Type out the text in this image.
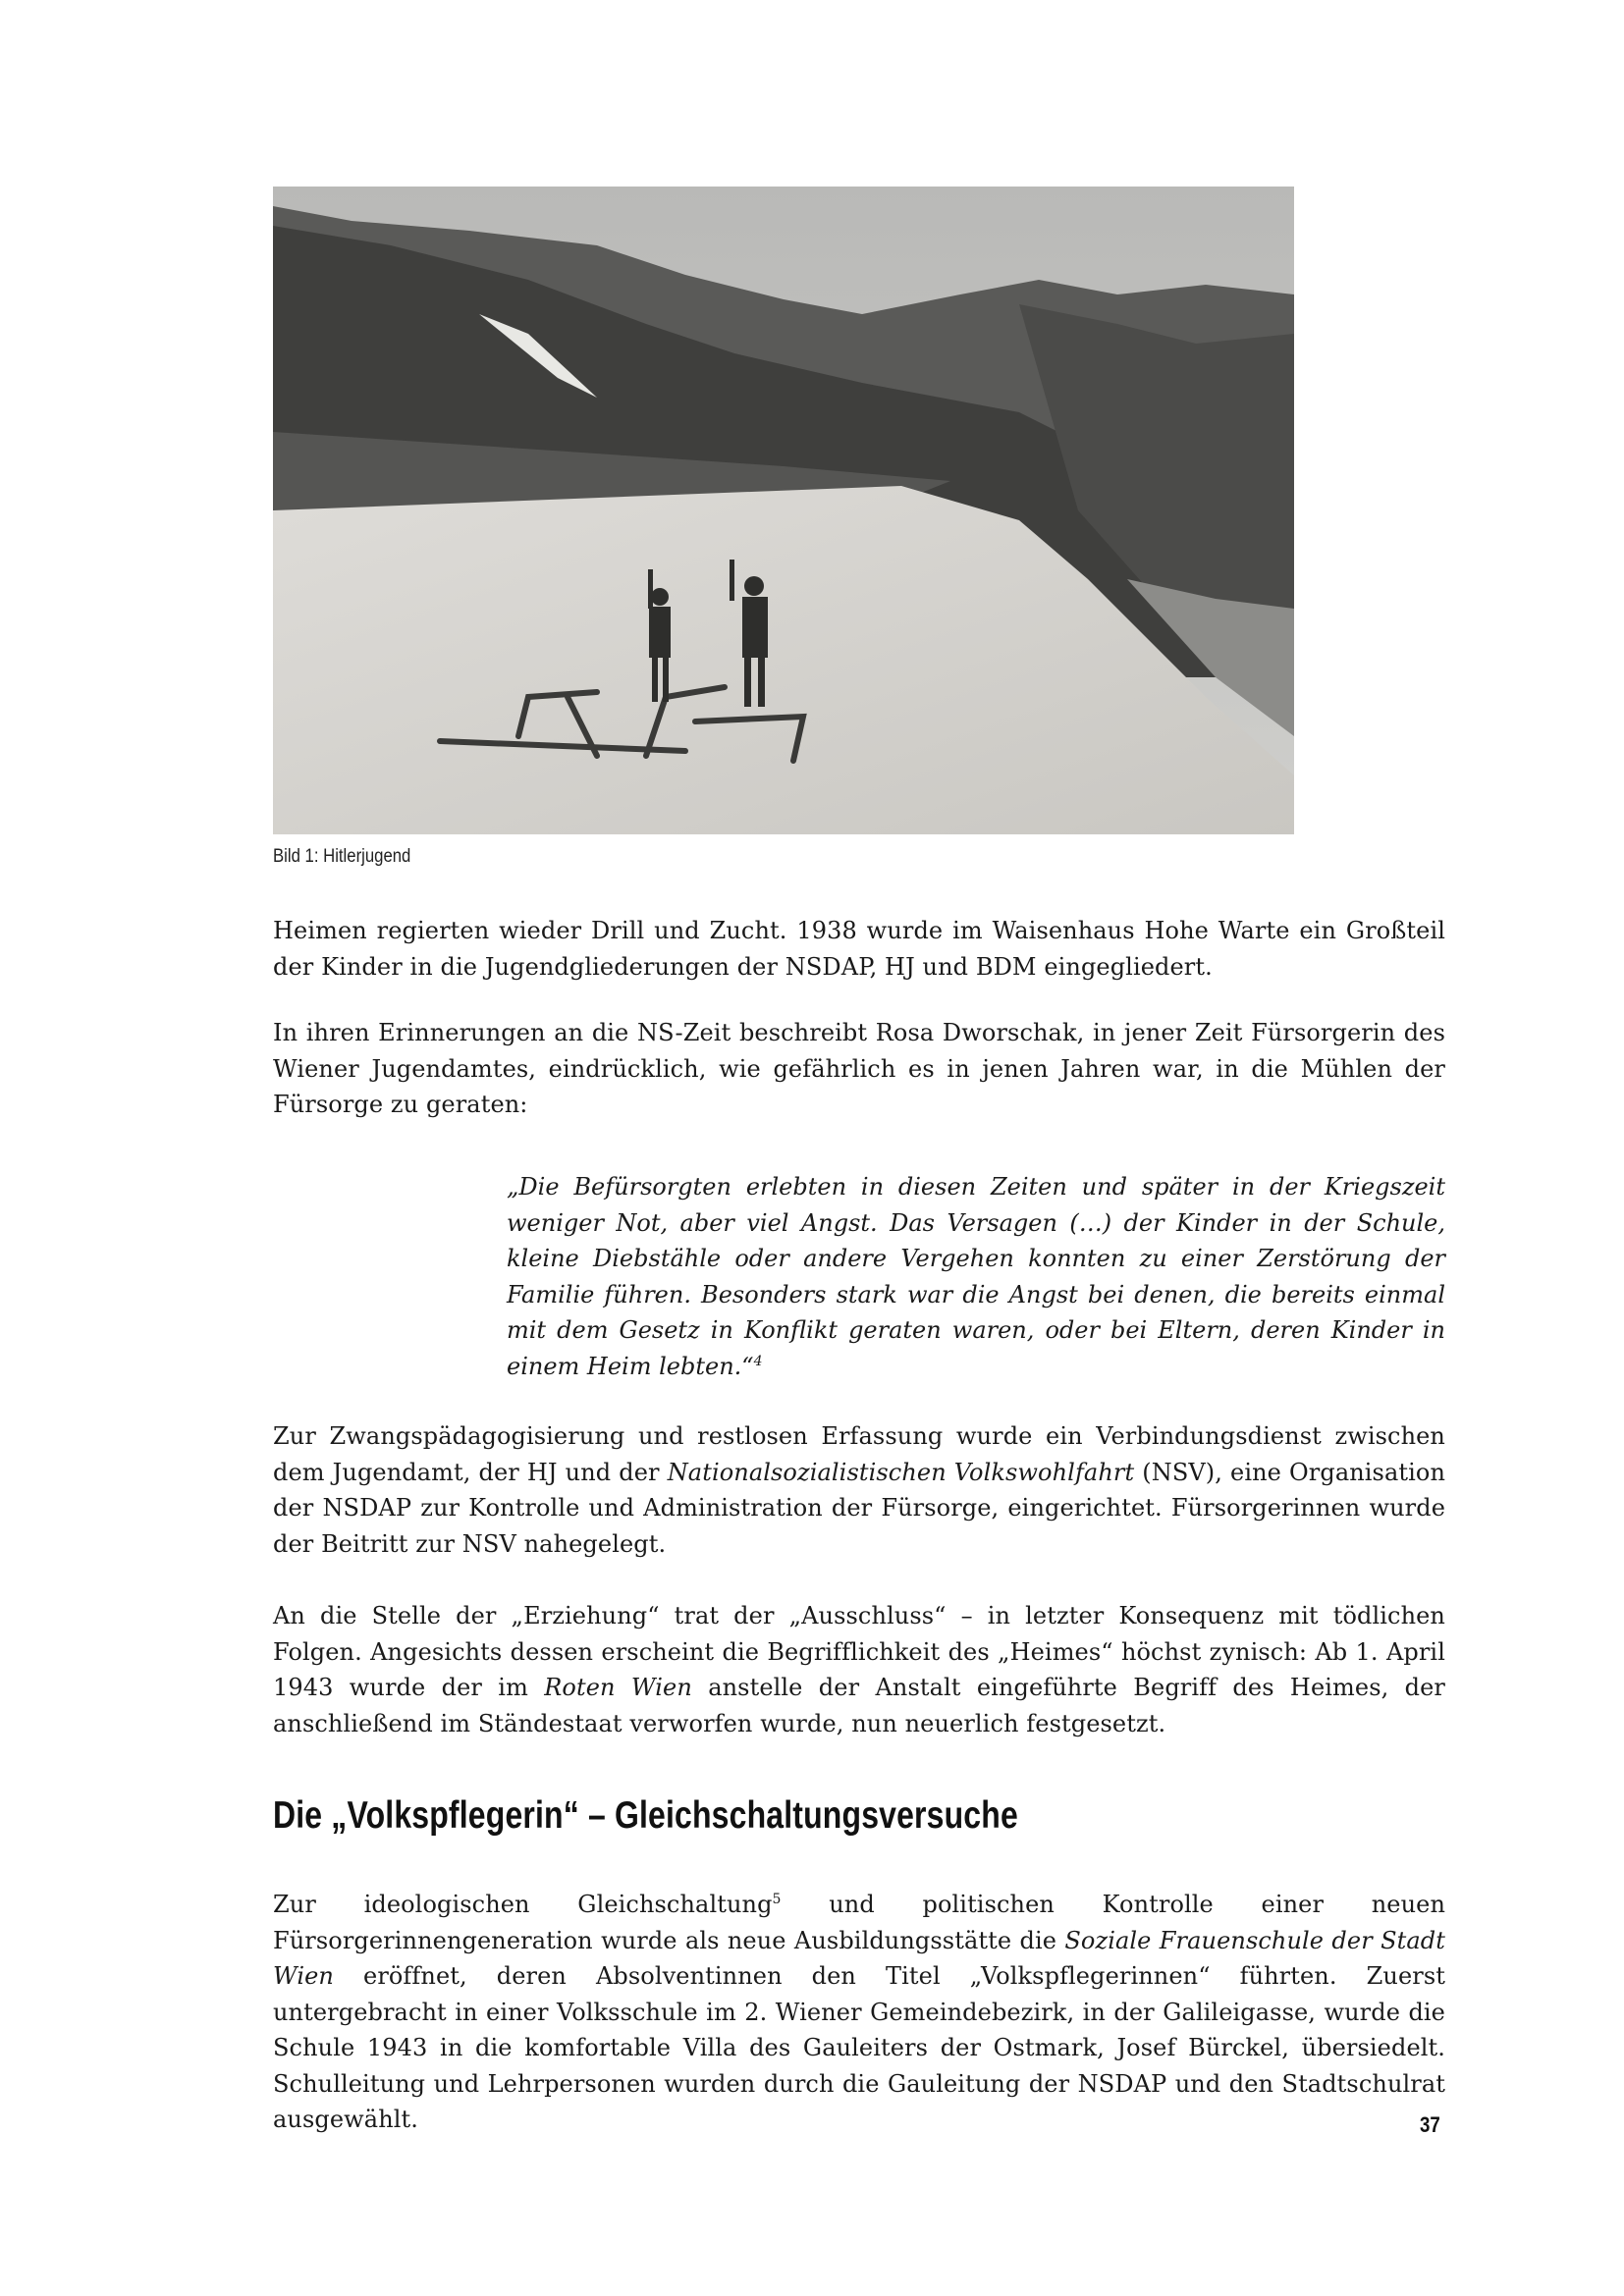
Bild 1: Hitlerjugend

Heimen regierten wieder Drill und Zucht. 1938 wurde im Waisenhaus Hohe Warte ein Großteil der Kinder in die Jugendgliederungen der NSDAP, HJ und BDM eingegliedert.

In ihren Erinnerungen an die NS-Zeit beschreibt Rosa Dworschak, in jener Zeit Fürsorgerin des Wiener Jugendamtes, eindrücklich, wie gefährlich es in jenen Jahren war, in die Mühlen der Fürsorge zu geraten:

„Die Befürsorgten erlebten in diesen Zeiten und später in der Kriegszeit weniger Not, aber viel Angst. Das Versagen (…) der Kinder in der Schule, kleine Diebstähle oder andere Vergehen konnten zu einer Zerstörung der Familie führen. Besonders stark war die Angst bei denen, die bereits einmal mit dem Gesetz in Konflikt geraten waren, oder bei Eltern, deren Kinder in einem Heim lebten.“$^4$

Zur Zwangspädagogisierung und restlosen Erfassung wurde ein Verbindungsdienst zwischen dem Jugendamt, der HJ und der Nationalsozialistischen Volkswohlfahrt (NSV), eine Organisation der NSDAP zur Kontrolle und Administration der Fürsorge, eingerichtet. Fürsorgerinnen wurde der Beitritt zur NSV nahegelegt.

An die Stelle der „Erziehung“ trat der „Ausschluss“ – in letzter Konsequenz mit tödlichen Folgen. Angesichts dessen erscheint die Begrifflichkeit des „Heimes“ höchst zynisch: Ab 1. April 1943 wurde der im Roten Wien anstelle der Anstalt eingeführte Begriff des Heimes, der anschließend im Ständestaat verworfen wurde, nun neuerlich festgesetzt.

Die „Volkspflegerin“ – Gleichschaltungsversuche

Zur ideologischen Gleichschaltung$^5$ und politischen Kontrolle einer neuen Fürsorgerinnengeneration wurde als neue Ausbildungsstätte die Soziale Frauenschule der Stadt Wien eröffnet, deren Absolventinnen den Titel „Volkspflegerinnen“ führten. Zuerst untergebracht in einer Volksschule im 2. Wiener Gemeindebezirk, in der Galileigasse, wurde die Schule 1943 in die komfortable Villa des Gauleiters der Ostmark, Josef Bürckel, übersiedelt. Schulleitung und Lehrpersonen wurden durch die Gauleitung der NSDAP und den Stadtschulrat ausgewählt.	37
